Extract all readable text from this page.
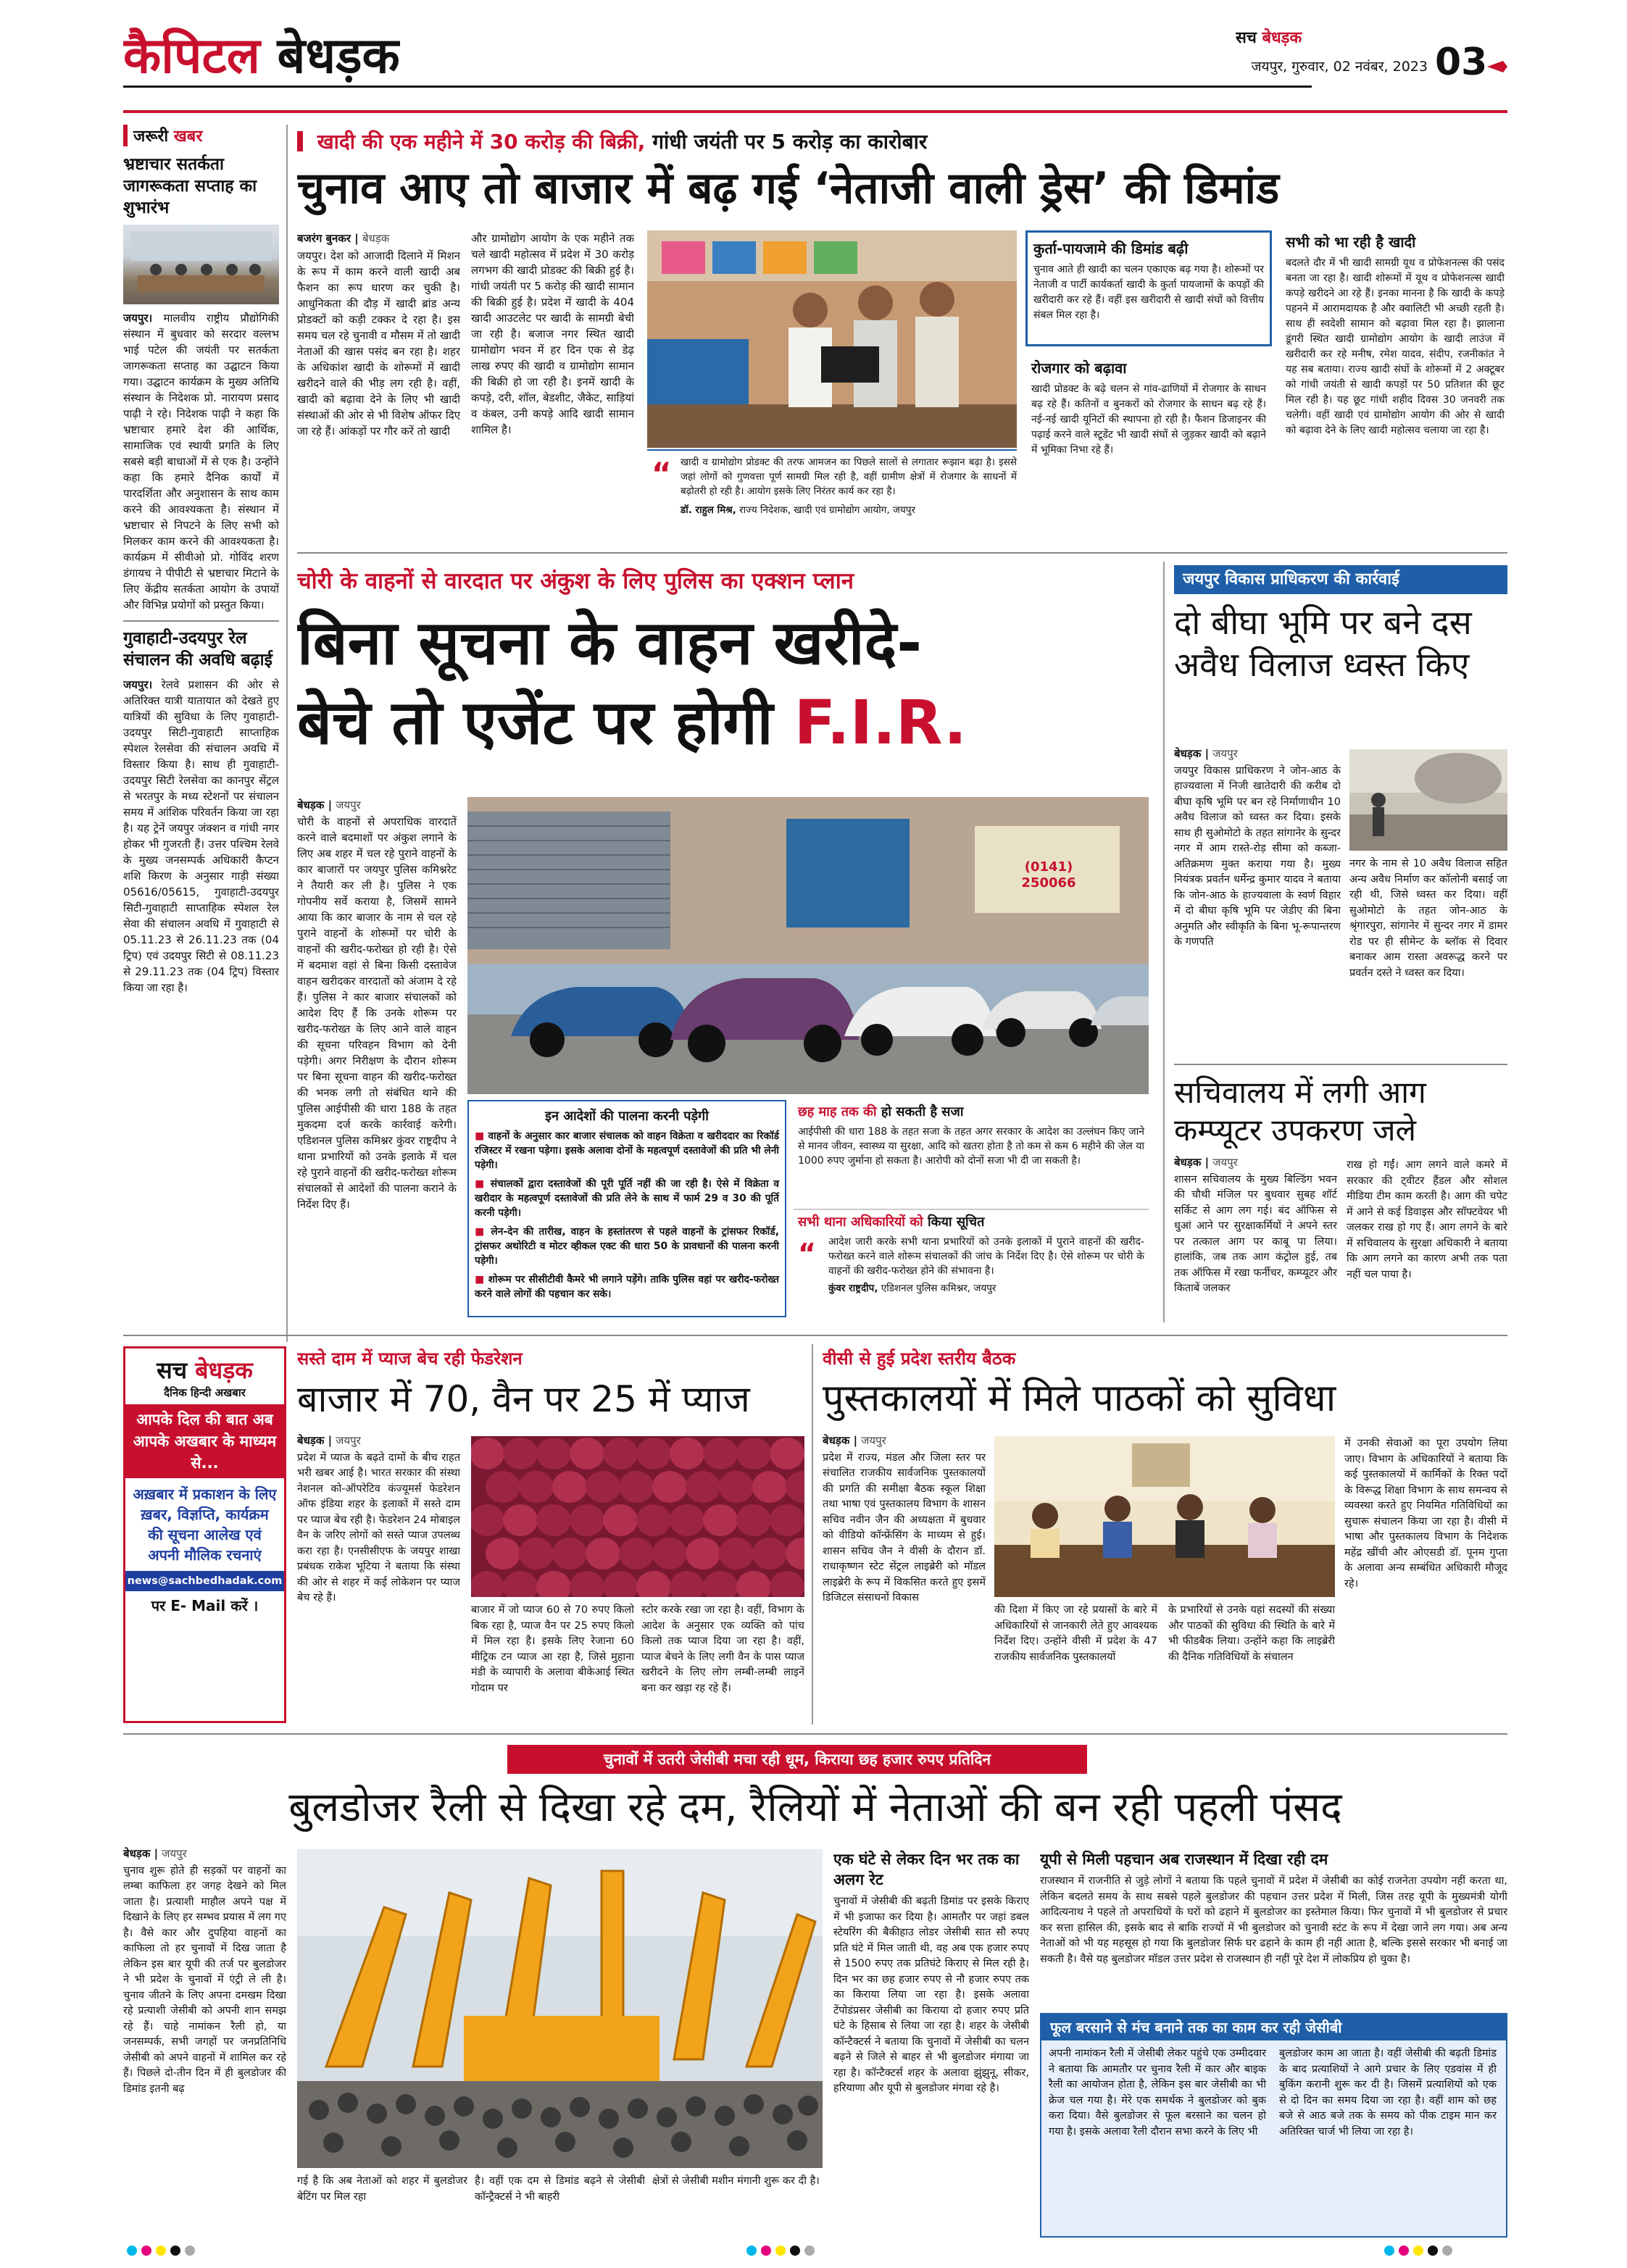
कैपिटल बेधड़क	सच बेधड़क
जयपुर, गुरुवार, 02 नवंबर, 2023 03
जरूरी खबर
भ्रष्टाचार सतर्कता जागरूकता सप्ताह का शुभारंभ
जयपुर। मालवीय राष्ट्रीय प्रौद्योगिकी संस्थान में बुधवार को सरदार वल्लभ भाई पटेल की जयंती पर सतर्कता जागरूकता सप्ताह का उद्घाटन किया गया। उद्घाटन कार्यक्रम के मुख्य अतिथि संस्थान के निदेशक प्रो. नारायण प्रसाद पाढ़ी ने रहे। निदेशक पाढ़ी ने कहा कि भ्रष्टाचार हमारे देश की आर्थिक, सामाजिक एवं स्थायी प्रगति के लिए सबसे बड़ी बाधाओं में से एक है। उन्होंने कहा कि हमारे दैनिक कार्यों में पारदर्शिता और अनुशासन के साथ काम करने की आवश्यकता है। संस्थान में भ्रष्टाचार से निपटने के लिए सभी को मिलकर काम करने की आवश्यकता है। कार्यक्रम में सीवीओ प्रो. गोविंद शरण डंगायच ने पीपीटी से भ्रष्टाचार मिटाने के लिए केंद्रीय सतर्कता आयोग के उपायों और विभिन्न प्रयोगों को प्रस्तुत किया।
गुवाहाटी-उदयपुर रेल संचालन की अवधि बढ़ाई
जयपुर। रेलवे प्रशासन की ओर से अतिरिक्त यात्री यातायात को देखते हुए यात्रियों की सुविधा के लिए गुवाहाटी-उदयपुर सिटी-गुवाहाटी साप्ताहिक स्पेशल रेलसेवा की संचालन अवधि में विस्तार किया है। साथ ही गुवाहाटी-उदयपुर सिटी रेलसेवा का कानपुर सेंट्रल से भरतपुर के मध्य स्टेशनों पर संचालन समय में आंशिक परिवर्तन किया जा रहा है। यह ट्रेनें जयपुर जंक्शन व गांधी नगर होकर भी गुजरती हैं। उत्तर पश्चिम रेलवे के मुख्य जनसम्पर्क अधिकारी कैप्टन शशि किरण के अनुसार गाड़ी संख्या 05616/05615, गुवाहाटी-उदयपुर सिटी-गुवाहाटी साप्ताहिक स्पेशल रेल सेवा की संचालन अवधि में गुवाहाटी से 05.11.23 से 26.11.23 तक (04 ट्रिप) एवं उदयपुर सिटी से 08.11.23 से 29.11.23 तक (04 ट्रिप) विस्तार किया जा रहा है।
खादी की एक महीने में 30 करोड़ की बिक्री, गांधी जयंती पर 5 करोड़ का कारोबार
चुनाव आए तो बाजार में बढ़ गई ‘नेताजी वाली ड्रेस’ की डिमांड
बजरंग बुनकर | बेधड़क
जयपुर। देश को आजादी दिलाने में मिशन के रूप में काम करने वाली खादी अब फैशन का रूप धारण कर चुकी है। आधुनिकता की दौड़ में खादी ब्रांड अन्य प्रोडक्टों को कड़ी टक्कर दे रहा है। इस समय चल रहे चुनावी व मौसम में तो खादी नेताओं की खास पसंद बन रहा है। शहर के अधिकांश खादी के शोरूमों में खादी खरीदने वाले की भीड़ लग रही है। वहीं, खादी को बढ़ावा देने के लिए भी खादी संस्थाओं की ओर से भी विशेष ऑफर दिए जा रहे हैं। आंकड़ों पर गौर करें तो खादी
और ग्रामोद्योग आयोग के एक महीने तक चले खादी महोत्सव में प्रदेश में 30 करोड़ लगभग की खादी प्रोडक्ट की बिक्री हुई है। गांधी जयंती पर 5 करोड़ की खादी सामान की बिक्री हुई है। प्रदेश में खादी के 404 खादी आउटलेट पर खादी के सामग्री बेची जा रही है। बजाज नगर स्थित खादी ग्रामोद्योग भवन में हर दिन एक से डेढ़ लाख रुपए की खादी व ग्रामोद्योग सामान की बिक्री हो जा रही है। इनमें खादी के कपड़े, दरी, शॉल, बेडशीट, जैकेट, साड़ियां व कंबल, उनी कपड़े आदि खादी सामान शामिल है।
“ खादी व ग्रामोद्योग प्रोडक्ट की तरफ आमजन का पिछले सालों से लगातार रूझान बढ़ा है। इससे जहां लोगों को गुणवत्ता पूर्ण सामग्री मिल रही है, वहीं ग्रामीण क्षेत्रों में रोजगार के साधनों में बढ़ोतरी हो रही है। आयोग इसके लिए निरंतर कार्य कर रहा है।
डॉ. राहुल मिश्र, राज्य निदेशक, खादी एवं ग्रामोद्योग आयोग, जयपुर
कुर्ता-पायजामे की डिमांड बढ़ी
चुनाव आते ही खादी का चलन एकाएक बढ़ गया है। शोरूमों पर नेताजी व पार्टी कार्यकर्ता खादी के कुर्ता पायजामों के कपड़ों की खरीदारी कर रहे हैं। वहीं इस खरीदारी से खादी संघों को वित्तीय संबल मिल रहा है।
रोजगार को बढ़ावा
खादी प्रोडक्ट के बढ़े चलन से गांव-ढाणियों में रोजगार के साधन बढ़ रहे हैं। कतिनों व बुनकरों को रोजगार के साधन बढ़ रहे हैं। नई-नई खादी यूनिटों की स्थापना हो रही है। फैशन डिजाइनर की पढ़ाई करने वाले स्टूडेंट भी खादी संघों से जुड़कर खादी को बढ़ाने में भूमिका निभा रहे हैं।
सभी को भा रही है खादी
बदलते दौर में भी खादी सामग्री यूथ व प्रोफेशनल्स की पसंद बनता जा रहा है। खादी शोरूमों में यूथ व प्रोफेशनल्स खादी कपड़े खरीदने आ रहे हैं। इनका मानना है कि खादी के कपड़े पहनने में आरामदायक है और क्वालिटी भी अच्छी रहती है। साथ ही स्वदेशी सामान को बढ़ावा मिल रहा है। झालाना डूंगरी स्थित खादी ग्रामोद्योग आयोग के खादी लाउंज में खरीदारी कर रहे मनीष, रमेश यादव, संदीप, रजनीकांत ने यह सब बताया। राज्य खादी संघों के शोरूमों में 2 अक्टूबर को गांधी जयंती से खादी कपड़ों पर 50 प्रतिशत की छूट मिल रही है। यह छूट गांधी शहीद दिवस 30 जनवरी तक चलेगी। वहीं खादी एवं ग्रामोद्योग आयोग की ओर से खादी को बढ़ावा देने के लिए खादी महोत्सव चलाया जा रहा है।
चोरी के वाहनों से वारदात पर अंकुश के लिए पुलिस का एक्शन प्लान
बिना सूचना के वाहन खरीदे-
बेचे तो एजेंट पर होगी F.I.R.
बेधड़क | जयपुर
चोरी के वाहनों से अपराधिक वारदातें करने वाले बदमाशों पर अंकुश लगाने के लिए अब शहर में चल रहे पुराने वाहनों के कार बाजारों पर जयपुर पुलिस कमिश्नरेट ने तैयारी कर ली है। पुलिस ने एक गोपनीय सर्वे कराया है, जिसमें सामने आया कि कार बाजार के नाम से चल रहे पुराने वाहनों के शोरूमों पर चोरी के वाहनों की खरीद-फरोख्त हो रही है। ऐसे में बदमाश वहां से बिना किसी दस्तावेज वाहन खरीदकर वारदातों को अंजाम दे रहे हैं। पुलिस ने कार बाजार संचालकों को आदेश दिए हैं कि उनके शोरूम पर खरीद-फरोख्त के लिए आने वाले वाहन की सूचना परिवहन विभाग को देनी पड़ेगी। अगर निरीक्षण के दौरान शोरूम पर बिना सूचना वाहन की खरीद-फरोख्त की भनक लगी तो संबंधित थाने की पुलिस आईपीसी की धारा 188 के तहत मुकदमा दर्ज करके कार्रवाई करेगी। एडिशनल पुलिस कमिश्नर कुंवर राष्ट्रदीप ने थाना प्रभारियों को उनके इलाके में चल रहे पुराने वाहनों की खरीद-फरोख्त शोरूम संचालकों से आदेशों की पालना कराने के निर्देश दिए हैं।
(0141)
250066
इन आदेशों की पालना करनी पड़ेगी
■ वाहनों के अनुसार कार बाजार संचालक को वाहन विक्रेता व खरीददार का रिकॉर्ड रजिस्टर में रखना पड़ेगा। इसके अलावा दोनों के महत्वपूर्ण दस्तावेजों की प्रति भी लेनी पड़ेगी।
■ संचालकों द्वारा दस्तावेजों की पूरी पूर्ति नहीं की जा रही है। ऐसे में विक्रेता व खरीदार के महत्वपूर्ण दस्तावेजों की प्रति लेने के साथ में फार्म 29 व 30 की पूर्ति करनी पड़ेगी।
■ लेन-देन की तारीख, वाहन के हस्तांतरण से पहले वाहनों के ट्रांसफर रिकॉर्ड, ट्रांसफर अथोरिटी व मोटर व्हीकल एक्ट की धारा 50 के प्रावधानों की पालना करनी पड़ेगी।
■ शोरूम पर सीसीटीवी कैमरे भी लगाने पड़ेंगे। ताकि पुलिस वहां पर खरीद-फरोख्त करने वाले लोगों की पहचान कर सके।
छह माह तक की हो सकती है सजा
आईपीसी की धारा 188 के तहत सजा के तहत अगर सरकार के आदेश का उल्लंघन किए जाने से मानव जीवन, स्वास्थ्य या सुरक्षा, आदि को खतरा होता है तो कम से कम 6 महीने की जेल या 1000 रुपए जुर्माना हो सकता है। आरोपी को दोनों सजा भी दी जा सकती है।
सभी थाना अधिकारियों को किया सूचित
“ आदेश जारी करके सभी थाना प्रभारियों को उनके इलाकों में पुराने वाहनों की खरीद-फरोख्त करने वाले शोरूम संचालकों की जांच के निर्देश दिए है। ऐसे शोरूम पर चोरी के वाहनों की खरीद-फरोख्त होने की संभावना है।
कुंवर राष्ट्रदीप, एडिशनल पुलिस कमिश्नर, जयपुर
जयपुर विकास प्राधिकरण की कार्रवाई
दो बीघा भूमि पर बने दस अवैध विलाज ध्वस्त किए
बेधड़क | जयपुर
जयपुर विकास प्राधिकरण ने जोन-आठ के हाज्यवाला में निजी खातेदारी की करीब दो बीघा कृषि भूमि पर बन रहे निर्माणाधीन 10 अवैध विलाज को ध्वस्त कर दिया। इसके साथ ही सुओमोटो के तहत सांगानेर के सुन्दर नगर में आम रास्ते-रोड़ सीमा को कब्जा-अतिक्रमण मुक्त कराया गया है। मुख्य नियंत्रक प्रवर्तन धर्मेन्द्र कुमार यादव ने बताया कि जोन-आठ के हाज्यवाला के स्वर्ण विहार में दो बीघा कृषि भूमि पर जेडीए की बिना अनुमति और स्वीकृति के बिना भू-रूपान्तरण के गणपति
नगर के नाम से 10 अवैध विलाज सहित अन्य अवैध निर्माण कर कॉलोनी बसाई जा रही थी, जिसे ध्वस्त कर दिया। वहीं सुओमोटो के तहत जोन-आठ के श्रृंगारपुरा, सांगानेर में सुन्दर नगर में डामर रोड पर ही सीमेन्ट के ब्लॉक से दिवार बनाकर आम रास्ता अवरूद्ध करने पर प्रवर्तन दस्ते ने ध्वस्त कर दिया।
सचिवालय में लगी आग कम्प्यूटर उपकरण जले
बेधड़क | जयपुर
शासन सचिवालय के मुख्य बिल्डिंग भवन की चौथी मंजिल पर बुधवार सुबह शॉर्ट सर्किट से आग लग गई। बंद ऑफिस से धुआं आने पर सुरक्षाकर्मियों ने अपने स्तर पर तत्काल आग पर काबू पा लिया। हालांकि, जब तक आग कंट्रोल हुई, तब तक ऑफिस में रखा फर्नीचर, कम्प्यूटर और किताबें जलकर
राख हो गईं। आग लगने वाले कमरे में सरकार की ट्वीटर हैंडल और सोशल मीडिया टीम काम करती है। आग की चपेट में आने से कई डिवाइस और सॉफ्टवेयर भी जलकर राख हो गए हैं। आग लगने के बारे में सचिवालय के सुरक्षा अधिकारी ने बताया कि आग लगने का कारण अभी तक पता नहीं चल पाया है।
सच बेधड़क
दैनिक हिन्दी अखबार
आपके दिल की बात अब आपके अखबार के माध्यम से...
अख़बार में प्रकाशन के लिए ख़बर, विज्ञप्ति, कार्यक्रम की सूचना आलेख एवं अपनी मौलिक रचनाएं
news@sachbedhadak.com
पर E- Mail करें ।
सस्ते दाम में प्याज बेच रही फेडरेशन
बाजार में 70, वैन पर 25 में प्याज
बेधड़क | जयपुर
प्रदेश में प्याज के बढ़ते दामों के बीच राहत भरी खबर आई है। भारत सरकार की संस्था नेशनल को-ऑपरेटिव कंज्यूमर्स फेडरेशन ऑफ इंडिया शहर के इलाकों में सस्ते दाम पर प्याज बेच रही है। फेडरेशन 24 मोबाइल वैन के जरिए लोगों को सस्ते प्याज उपलब्ध करा रहा है। एनसीसीएफ के जयपुर शाखा प्रबंधक राकेश भूटिया ने बताया कि संस्था की ओर से शहर में कई लोकेशन पर प्याज बेच रहे हैं।
बाजार में जो प्याज 60 से 70 रुपए किलो बिक रहा है, प्याज वैन पर 25 रुपए किलो में मिल रहा है। इसके लिए रेजाना 60 मीट्रिक टन प्याज आ रहा है, जिसे मुहाना मंडी के व्यापारी के अलावा बीकेआई स्थित गोदाम पर
स्टोर करके रखा जा रहा है। वहीं, विभाग के आदेश के अनुसार एक व्यक्ति को पांच किलो तक प्याज दिया जा रहा है। वहीं, प्याज बेचने के लिए लगी वैन के पास प्याज खरीदने के लिए लोग लम्बी-लम्बी लाइनें बना कर खड़ा रह रहे हैं।
वीसी से हुई प्रदेश स्तरीय बैठक
पुस्तकालयों में मिले पाठकों को सुविधा
बेधड़क | जयपुर
प्रदेश में राज्य, मंडल और जिला स्तर पर संचालित राजकीय सार्वजनिक पुस्तकालयों की प्रगति की समीक्षा बैठक स्कूल शिक्षा तथा भाषा एवं पुस्तकालय विभाग के शासन सचिव नवीन जैन की अध्यक्षता में बुधवार को वीडियो कॉन्फ्रेंसिंग के माध्यम से हुई। शासन सचिव जैन ने वीसी के दौरान डॉ. राधाकृष्णन स्टेट सेंट्रल लाइब्रेरी को मॉडल लाइब्रेरी के रूप में विकसित करते हुए इसमें डिजिटल संसाधनों विकास
की दिशा में किए जा रहे प्रयासों के बारे में अधिकारियों से जानकारी लेते हुए आवश्यक निर्देश दिए। उन्होंने वीसी में प्रदेश के 47 राजकीय सार्वजनिक पुस्तकालयों
के प्रभारियों से उनके यहां सदस्यों की संख्या और पाठकों की सुविधा की स्थिति के बारे में भी फीडबैक लिया। उन्होंने कहा कि लाइब्रेरी की दैनिक गतिविधियों के संचालन
में उनकी सेवाओं का पूरा उपयोग लिया जाए। विभाग के अधिकारियों ने बताया कि कई पुस्तकालयों में कार्मिकों के रिक्त पदों के विरूद्ध शिक्षा विभाग के साथ समन्वय से व्यवस्था करते हुए नियमित गतिविधियों का सुचारू संचालन किया जा रहा है। वीसी में भाषा और पुस्तकालय विभाग के निदेशक महेंद्र खींची और ओएसडी डॉ. पूनम गुप्ता के अलावा अन्य सम्बंधित अधिकारी मौजूद रहे।
चुनावों में उतरी जेसीबी मचा रही धूम, किराया छह हजार रुपए प्रतिदिन
बुलडोजर रैली से दिखा रहे दम, रैलियों में नेताओं की बन रही पहली पंसद
बेधड़क | जयपुर
चुनाव शुरू होते ही सड़कों पर वाहनों का लम्बा काफिला हर जगह देखने को मिल जाता है। प्रत्याशी माहौल अपने पक्ष में दिखाने के लिए हर सम्भव प्रयास में लग गए है। वैसे कार और दुपहिया वाहनों का काफिला तो हर चुनावों में दिख जाता है लेकिन इस बार यूपी की तर्ज पर बुलडोजर ने भी प्रदेश के चुनावों में एंट्री ले ली है। चुनाव जीतने के लिए अपना दमखम दिखा रहे प्रत्याशी जेसीबी को अपनी शान समझ रहे हैं। चाहे नामांकन रैली हो, या जनसम्पर्क, सभी जगहों पर जनप्रतिनिधि जेसीबी को अपने वाहनों में शामिल कर रहे हैं। पिछले दो-तीन दिन में ही बुलडोजर की डिमांड इतनी बढ़
गई है कि अब नेताओं को शहर में बुलडोजर बेटिंग पर मिल रहा
है। वहीं एक दम से डिमांड बढ़ने से जेसीबी कॉन्ट्रैक्टर्स ने भी बाहरी
क्षेत्रों से जेसीबी मशीन मंगानी शुरू कर दी है।
एक घंटे से लेकर दिन भर तक का अलग रेट
चुनावों में जेसीबी की बढ़ती डिमांड पर इसके किराए में भी इजाफा कर दिया है। आमतौर पर जहां डबल स्टेयरिंग की बैकीहाउ लोडर जेसीबी सात सौ रुपए प्रति घंटे में मिल जाती थी, वह अब एक हजार रुपए से 1500 रुपए तक प्रतिघंटे किराए से मिल रही है। दिन भर का छह हजार रुपए से नौ हजार रुपए तक का किराया लिया जा रहा है। इसके अलावा टेंपोडंप्रसर जेसीबी का किराया दो हजार रुपए प्रति घंटे के हिसाब से लिया जा रहा है। शहर के जेसीबी कॉन्टैक्टर्स ने बताया कि चुनावों में जेसीबी का चलन बढ़ने से जिले से बाहर से भी बुलडोजर मंगाया जा रहा है। कॉन्टैक्टर्स शहर के अलावा झुंझुनू, सीकर, हरियाणा और यूपी से बुलडोजर मंगवा रहे है।
यूपी से मिली पहचान अब राजस्थान में दिखा रही दम
राजस्थान में राजनीति से जुड़े लोगों ने बताया कि पहले चुनावों में प्रदेश में जेसीबी का कोई राजनेता उपयोग नहीं करता था, लेकिन बदलते समय के साथ सबसे पहले बुलडोजर की पहचान उत्तर प्रदेश में मिली, जिस तरह यूपी के मुख्यमंत्री योगी आदित्यनाथ ने पहले तो अपराधियों के घरों को ढहाने में बुलडोजर का इस्तेमाल किया। फिर चुनावों में भी बुलडोजर से प्रचार कर सत्ता हासिल की, इसके बाद से बाकि राज्यों में भी बुलडोजर को चुनावी स्टंट के रूप में देखा जाने लग गया। अब अन्य नेताओं को भी यह महसूस हो गया कि बुलडोजर सिर्फ घर ढहाने के काम ही नहीं आता है, बल्कि इससे सरकार भी बनाई जा सकती है। वैसे यह बुलडोजर मॉडल उत्तर प्रदेश से राजस्थान ही नहीं पूरे देश में लोकप्रिय हो चुका है।
फूल बरसाने से मंच बनाने तक का काम कर रही जेसीबी
अपनी नामांकन रैली में जेसीबी लेकर पहुंचे एक उम्मीदवार ने बताया कि आमतौर पर चुनाव रैली में कार और बाइक रैली का आयोजन होता है, लेकिन इस बार जेसीबी का भी क्रेज चल गया है। मेरे एक समर्थक ने बुलडोजर को बुक करा दिया। वैसे बुलडोजर से फूल बरसाने का चलन हो गया है। इसके अलावा रैली दौरान सभा करने के लिए भी
बुलडोजर काम आ जाता है। वहीं जेसीबी की बढ़ती डिमांड के बाद प्रत्याशियों ने आगे प्रचार के लिए एडवांस में ही बुकिंग करानी शुरू कर दी है। जिसमें प्रत्याशियों को एक से दो दिन का समय दिया जा रहा है। वहीं शाम को छह बजे से आठ बजे तक के समय को पीक टाइम मान कर अतिरिक्त चार्ज भी लिया जा रहा है।
